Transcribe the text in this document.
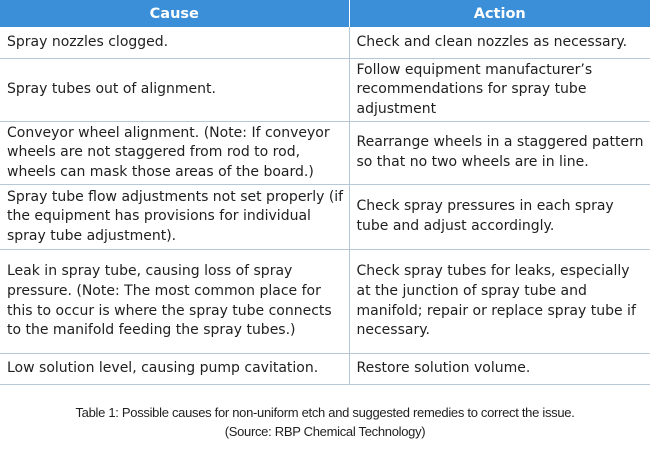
Cause	Action
Spray nozzles clogged.	Check and clean nozzles as necessary.
Spray tubes out of alignment.	Follow equipment manufacturer’s recommendations for spray tube adjustment
Conveyor wheel alignment. (Note: If conveyor wheels are not staggered from rod to rod, wheels can mask those areas of the board.)	Rearrange wheels in a staggered pattern so that no two wheels are in line.
Spray tube flow adjustments not set properly (if the equipment has provisions for individual spray tube adjustment).	Check spray pressures in each spray tube and adjust accordingly.
Leak in spray tube, causing loss of spray pressure. (Note: The most common place for this to occur is where the spray tube connects to the manifold feeding the spray tubes.)	Check spray tubes for leaks, especially at the junction of spray tube and manifold; repair or replace spray tube if necessary.
Low solution level, causing pump cavitation.	Restore solution volume.
Table 1: Possible causes for non-uniform etch and suggested remedies to correct the issue.
(Source: RBP Chemical Technology)
